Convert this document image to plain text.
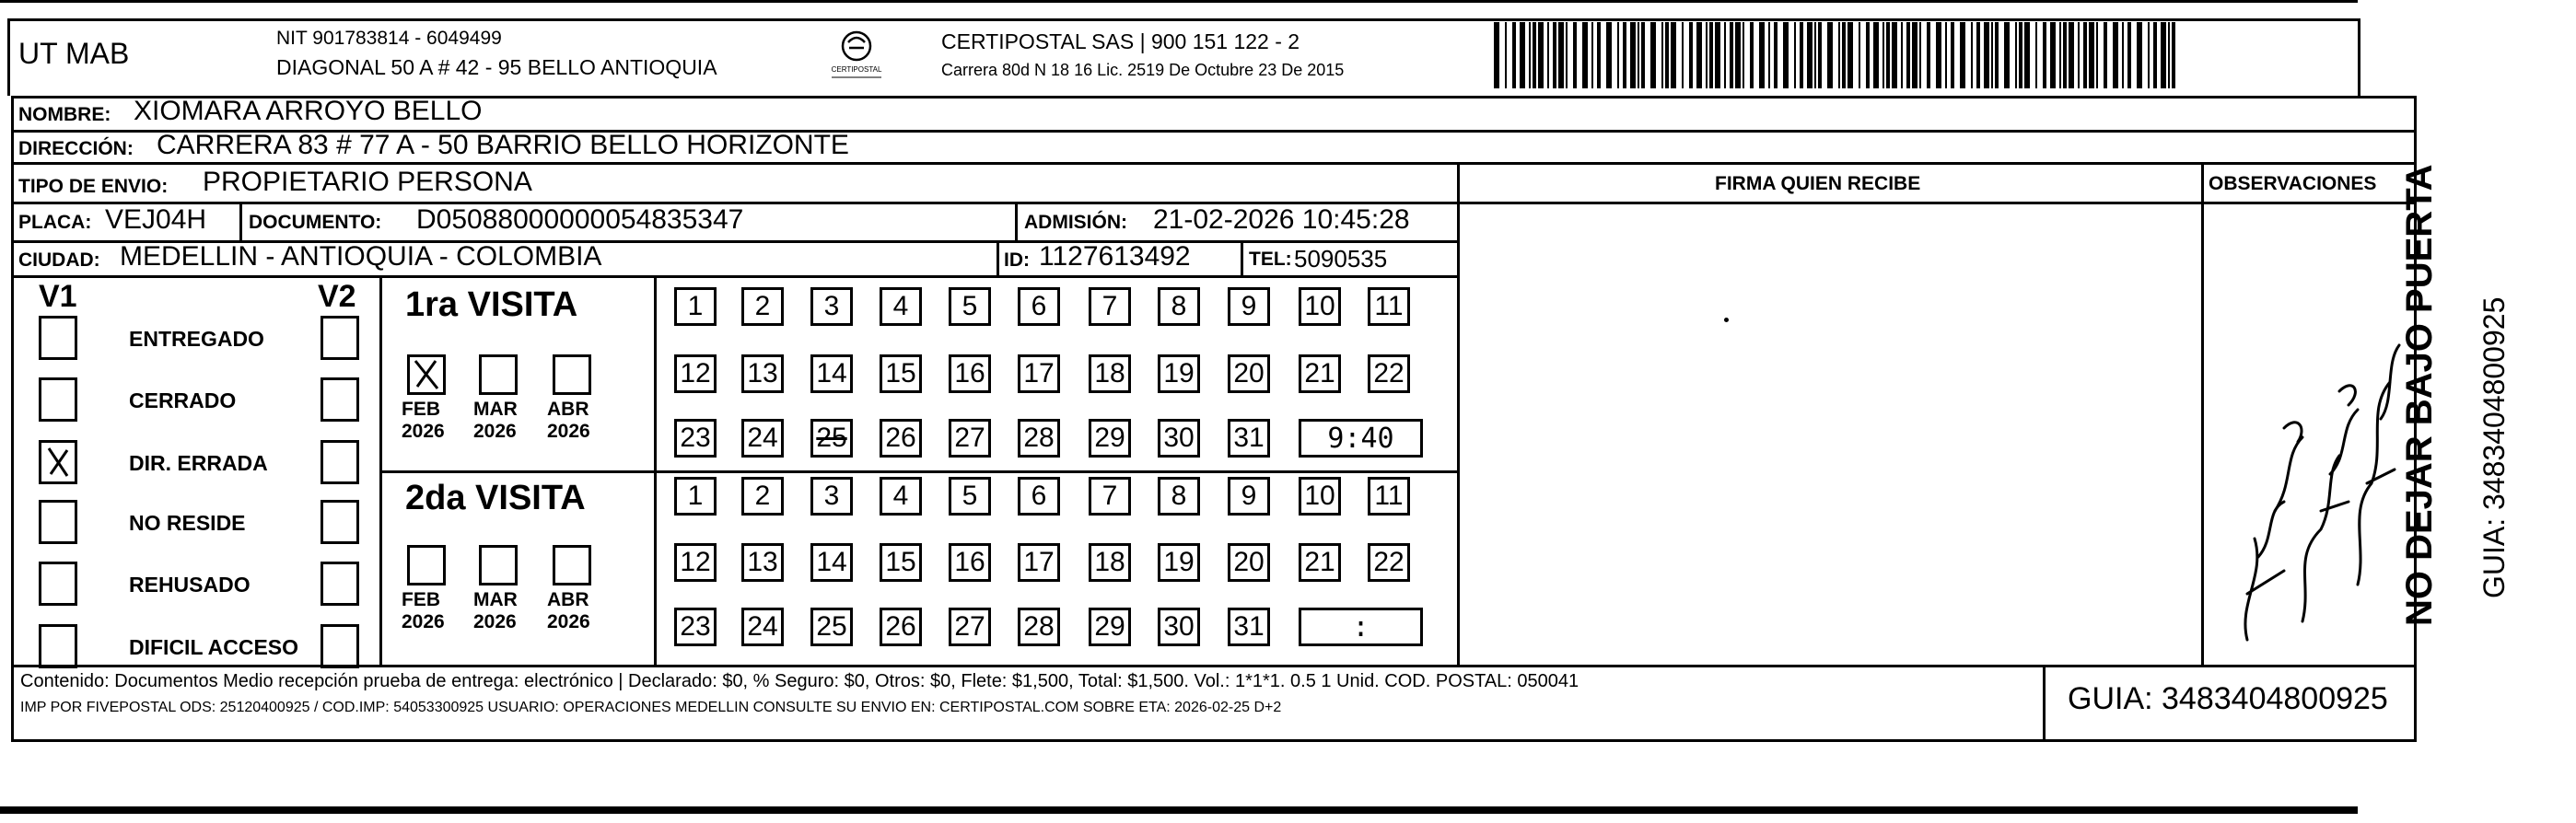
UT MAB	NIT 901783814 - 6049499
DIAGONAL 50 A # 42 - 95 BELLO ANTIOQUIA	CERTIPOSTAL
CERTIPOSTAL SAS | 900 151 122 - 2
Carrera 80d N 18 16 Lic. 2519 De Octubre 23 De 2015
NOMBRE: XIOMARA ARROYO BELLO
DIRECCIÓN: CARRERA 83 # 77 A - 50 BARRIO BELLO HORIZONTE
TIPO DE ENVIO: PROPIETARIO PERSONA	FIRMA QUIEN RECIBE	OBSERVACIONES
PLACA: VEJ04H DOCUMENTO: D05088000000054835347	ADMISIÓN: 21-02-2026 10:45:28
CIUDAD: MEDELLIN - ANTIOQUIA - COLOMBIA	ID: 1127613492	TEL: 5090535
V1	V2
ENTREGADO
CERRADO
DIR. ERRADA
NO RESIDE
REHUSADO
DIFICIL ACCESO
1ra VISITA
2da VISITA
FEB
2026
MAR
2026
ABR
2026
FEB
2026
MAR
2026
ABR
2026
1	2	3	4	5	6	7	8	9	10 11
12 13 14 15 16 17 18 19 20 21 22
23 24 25 26 27 28 29 30 31	9:40
1	2	3	4	5	6	7	8	9	10 11
12 13 14 15 16 17 18 19 20 21 22
23 24 25 26 27 28 29 30 31	:
Contenido: Documentos Medio recepción prueba de entrega: electrónico | Declarado: $0, % Seguro: $0, Otros: $0, Flete: $1,500, Total: $1,500. Vol.: 1*1*1. 0.5 1 Unid. COD. POSTAL: 050041
IMP POR FIVEPOSTAL ODS: 25120400925 / COD.IMP: 54053300925 USUARIO: OPERACIONES MEDELLIN CONSULTE SU ENVIO EN: CERTIPOSTAL.COM SOBRE ETA: 2026-02-25 D+2	GUIA: 3483404800925
NO DEJAR BAJO PUERTA GUIA: 3483404800925
